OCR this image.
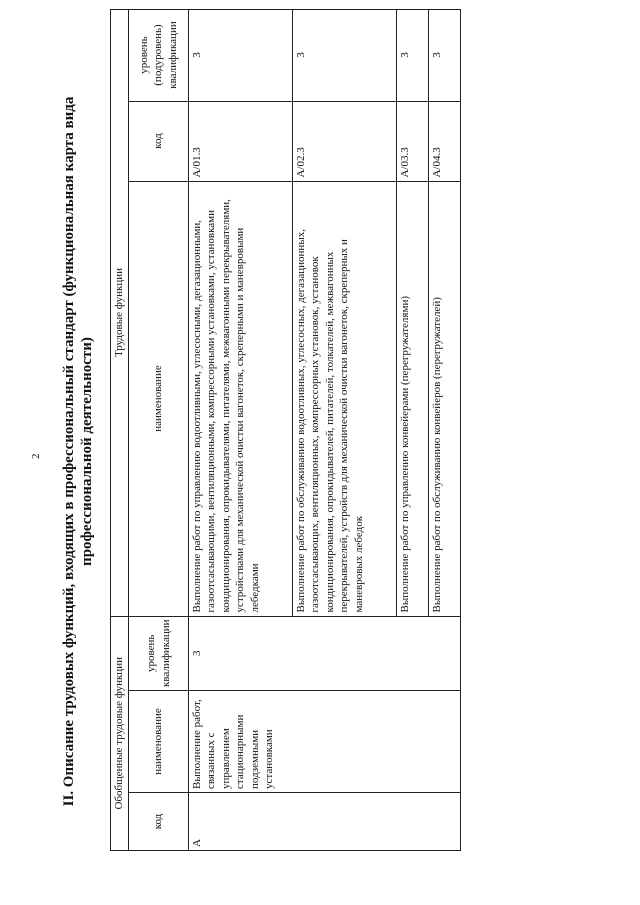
2 II. Описание трудовых функций, входящих в профессиональный стандарт (функциональная карта вида профессиональной деятельности)
Обобщенные трудовые функции			Трудовые функции		
код	наименование	уровень квалификации	наименование	код	уровень (подуровень) квалификации
А	Выполнение работ, связанных с управлением стационарными подземными установками	3	Выполнение работ по управлению водоотливными, углесосными, дегазационными, газоотсасывающими, вентиляционными, компрессорными установками, установками кондиционирования, опрокидывателями, питателями, межвагонными перекрывателями, устройствами для механической очистки вагонеток, скреперными и маневровыми лебедками	А/01.3	3
			Выполнение работ по обслуживанию водоотливных, углесосных, дегазационных, газоотсасывающих, вентиляционных, компрессорных установок, установок кондиционирования, опрокидывателей, питателей, толкателей, межвагонных перекрывателей, устройств для механической очистки вагонеток, скреперных и маневровых лебедок	А/02.3	3
			Выполнение работ по управлению конвейерами (перегружателями)	А/03.3	3
			Выполнение работ по обслуживанию конвейеров (перегружателей)	А/04.3	3
